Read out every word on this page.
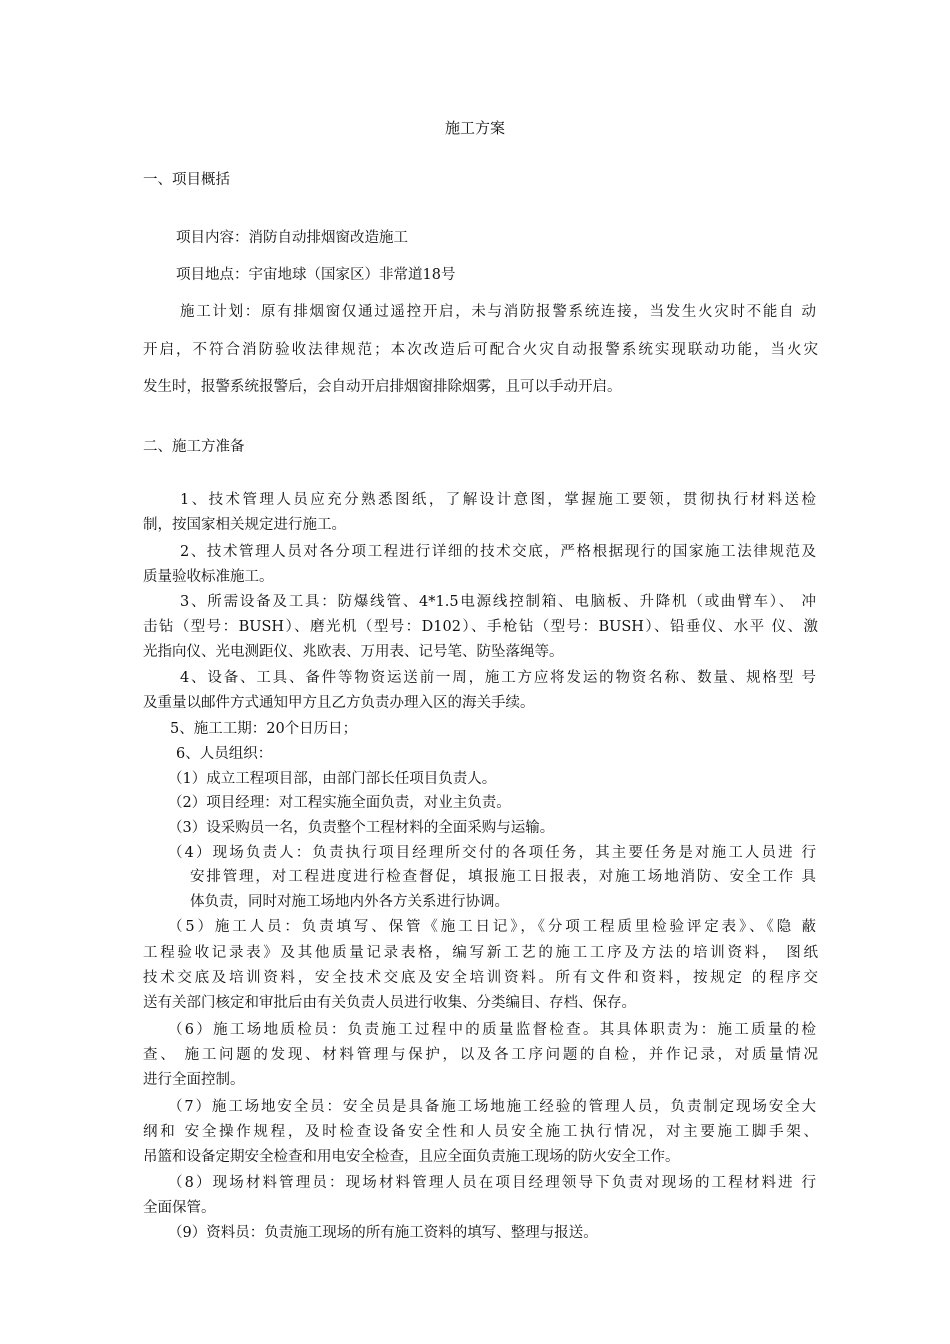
施工方案
一、项目概括
项目内容：消防自动排烟窗改造施工
项目地点：宇宙地球（国家区）非常道18号
施工计划：原有排烟窗仅通过遥控开启，未与消防报警系统连接，当发生火灾时不能自 动
开启，不符合消防验收法律规范；本次改造后可配合火灾自动报警系统实现联动功能，当火灾
发生时，报警系统报警后，会自动开启排烟窗排除烟雾，且可以手动开启。
二、施工方准备
1、技术管理人员应充分熟悉图纸，了解设计意图，掌握施工要领，贯彻执行材料送检
制，按国家相关规定进行施工。
2、技术管理人员对各分项工程进行详细的技术交底，严格根据现行的国家施工法律规范及
质量验收标准施工。
3、所需设备及工具：防爆线管、4*1.5电源线控制箱、电脑板、升降机（或曲臂车）、 冲
击钻（型号：BUSH）、磨光机（型号：D102）、手枪钻（型号：BUSH）、铅垂仪、水平 仪、激
光指向仪、光电测距仪、兆欧表、万用表、记号笔、防坠落绳等。
4、设备、工具、备件等物资运送前一周，施工方应将发运的物资名称、数量、规格型 号
及重量以邮件方式通知甲方且乙方负责办理入区的海关手续。
5、施工工期：20个日历日；
6、人员组织：
（1）成立工程项目部，由部门部长任项目负责人。
（2）项目经理：对工程实施全面负责，对业主负责。
（3）设采购员一名，负责整个工程材料的全面采购与运输。
（4）现场负责人：负责执行项目经理所交付的各项任务，其主要任务是对施工人员进 行
安排管理，对工程进度进行检查督促，填报施工日报表，对施工场地消防、安全工作 具
体负责，同时对施工场地内外各方关系进行协调。
（5）施工人员：负责填写、保管《施工日记》，《分项工程质里检验评定表》、《隐 蔽
工程验收记录表》及其他质量记录表格，编写新工艺的施工工序及方法的培训资料， 图纸
技术交底及培训资料，安全技术交底及安全培训资料。所有文件和资料，按规定 的程序交
送有关部门核定和审批后由有关负责人员进行收集、分类编目、存档、保存。
（6）施工场地质检员：负责施工过程中的质量监督检查。其具体职责为：施工质量的检
查、 施工问题的发现、材料管理与保护，以及各工序问题的自检，并作记录，对质量情况
进行全面控制。
（7）施工场地安全员：安全员是具备施工场地施工经验的管理人员，负责制定现场安全大
纲和 安全操作规程，及时检查设备安全性和人员安全施工执行情况，对主要施工脚手架、
吊篮和设备定期安全检查和用电安全检查，且应全面负责施工现场的防火安全工作。
（8）现场材料管理员：现场材料管理人员在项目经理领导下负责对现场的工程材料进 行
全面保管。
（9）资料员：负责施工现场的所有施工资料的填写、整理与报送。
